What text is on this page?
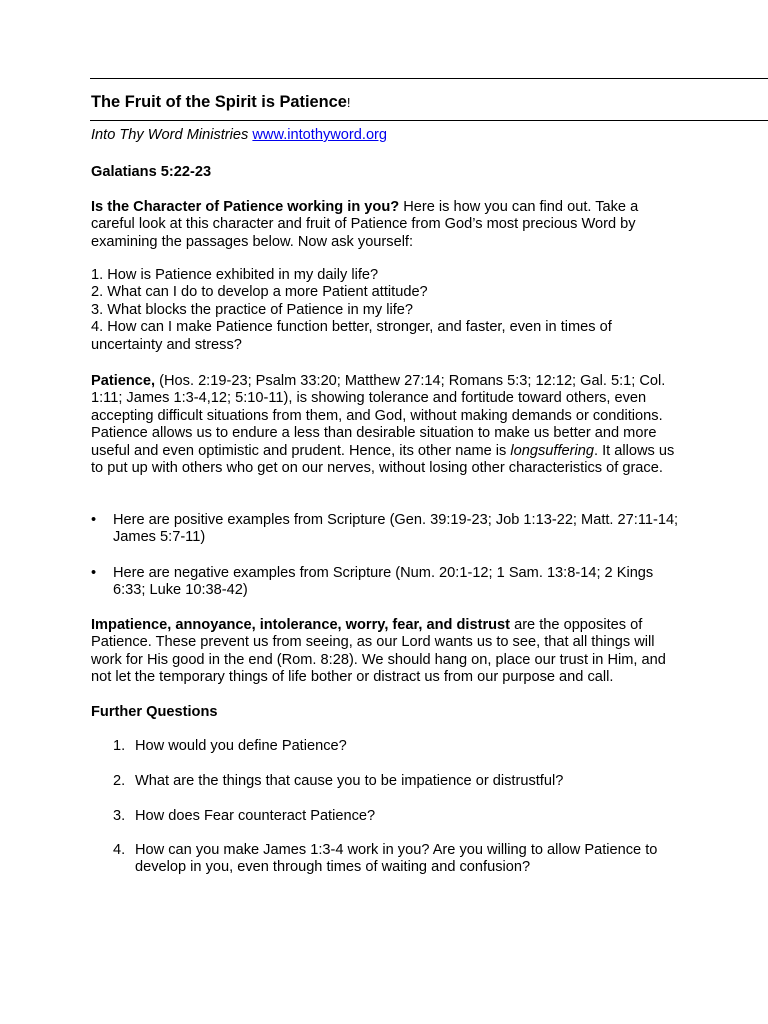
The Fruit of the Spirit is Patience!
Into Thy Word Ministries www.intothyword.org
Galatians 5:22-23
Is the Character of Patience working in you? Here is how you can find out. Take a careful look at this character and fruit of Patience from God’s most precious Word by examining the passages below. Now ask yourself:
1. How is Patience exhibited in my daily life?
2. What can I do to develop a more Patient attitude?
3. What blocks the practice of Patience in my life?
4. How can I make Patience function better, stronger, and faster, even in times of uncertainty and stress?
Patience, (Hos. 2:19-23; Psalm 33:20; Matthew 27:14; Romans 5:3; 12:12; Gal. 5:1; Col. 1:11; James 1:3-4,12; 5:10-11), is showing tolerance and fortitude toward others, even accepting difficult situations from them, and God, without making demands or conditions. Patience allows us to endure a less than desirable situation to make us better and more useful and even optimistic and prudent. Hence, its other name is longsuffering. It allows us to put up with others who get on our nerves, without losing other characteristics of grace.
•	Here are positive examples from Scripture (Gen. 39:19-23; Job 1:13-22; Matt. 27:11-14; James 5:7-11)
•	Here are negative examples from Scripture (Num. 20:1-12; 1 Sam. 13:8-14; 2 Kings 6:33; Luke 10:38-42)
Impatience, annoyance, intolerance, worry, fear, and distrust are the opposites of Patience. These prevent us from seeing, as our Lord wants us to see, that all things will work for His good in the end (Rom. 8:28). We should hang on, place our trust in Him, and not let the temporary things of life bother or distract us from our purpose and call.
Further Questions
1. How would you define Patience?
2. What are the things that cause you to be impatience or distrustful?
3. How does Fear counteract Patience?
4. How can you make James 1:3-4 work in you? Are you willing to allow Patience to develop in you, even through times of waiting and confusion?
